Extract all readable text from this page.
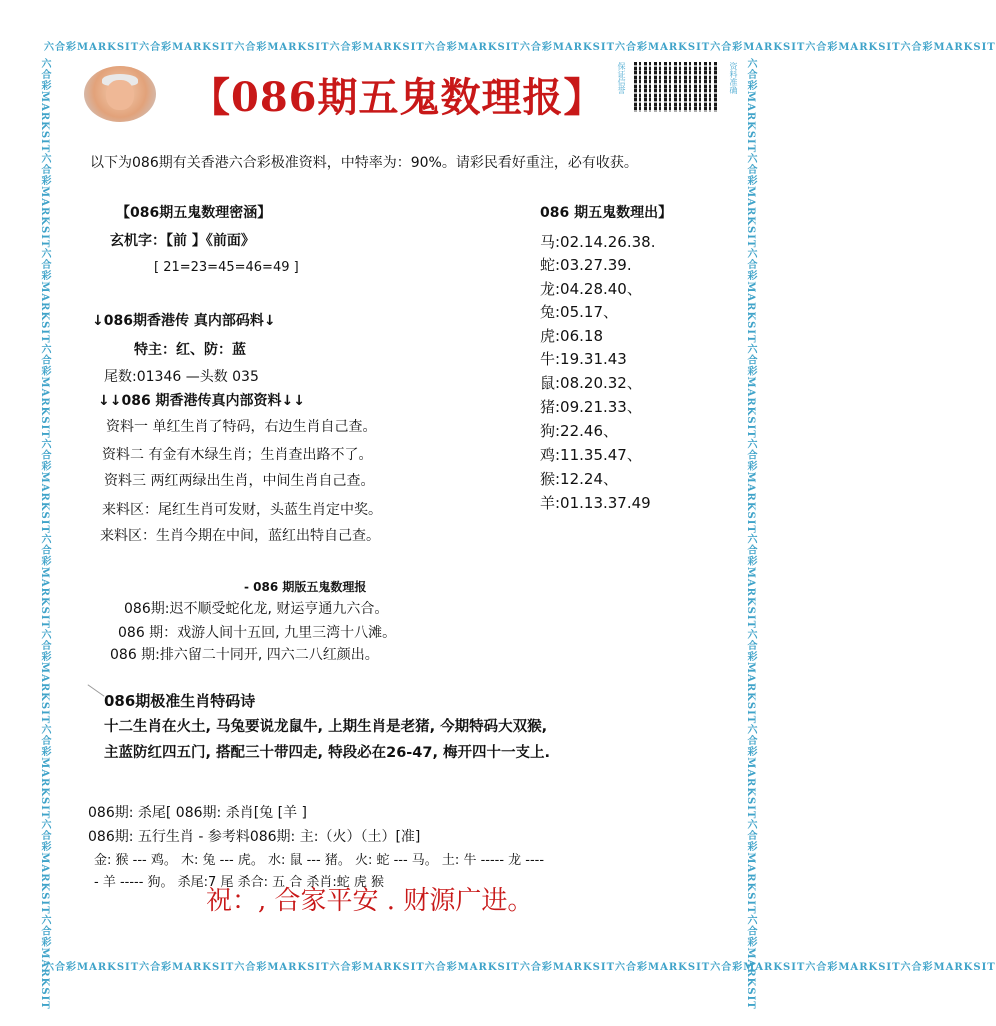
六合彩MARKSIT六合彩MARKSIT六合彩MARKSIT六合彩MARKSIT六合彩MARKSIT六合彩MARKSIT六合彩MARKSIT六合彩MARKSIT六合彩MARKSIT六合彩MARKSIT
六合彩MARKSIT六合彩MARKSIT六合彩MARKSIT六合彩MARKSIT六合彩MARKSIT六合彩MARKSIT六合彩MARKSIT六合彩MARKSIT六合彩MARKSIT六合彩MARKSIT
六合彩MARKSIT六合彩MARKSIT六合彩MARKSIT六合彩MARKSIT六合彩MARKSIT六合彩MARKSIT六合彩MARKSIT六合彩MARKSIT六合彩MARKSIT六合彩MARKSIT	六合彩MARKSIT六合彩MARKSIT六合彩MARKSIT六合彩MARKSIT六合彩MARKSIT六合彩MARKSIT六合彩MARKSIT六合彩MARKSIT六合彩MARKSIT六合彩MARKSIT
【086期五鬼数理报】	保证信誉	资料准确
以下为086期有关香港六合彩极准资料，中特率为：90%。请彩民看好重注，必有收获。
【086期五鬼数理密涵】
玄机字：【前 】《前面》
[ 21=23=45=46=49 ]
↓086期香港传 真内部码料↓
特主：红、防：蓝
尾数:01346 —头数 035
↓↓086 期香港传真内部资料↓↓
资料一 单红生肖了特码，右边生肖自己查。
资料二 有金有木绿生肖；生肖查出路不了。
资料三 两红两绿出生肖，中间生肖自己查。
来料区：尾红生肖可发财，头蓝生肖定中奖。
来料区：生肖今期在中间，蓝红出特自己查。
086 期五鬼数理出】
马:02.14.26.38.
蛇:03.27.39.
龙:04.28.40、
兔:05.17、
虎:06.18
牛:19.31.43
鼠:08.20.32、
猪:09.21.33、
狗:22.46、
鸡:11.35.47、
猴:12.24、
羊:01.13.37.49
- 086 期版五鬼数理报
086期:迟不顺受蛇化龙, 财运亨通九六合。
086 期：戏游人间十五回, 九里三湾十八滩。
086 期:排六留二十同开, 四六二八红颜出。
086期极准生肖特码诗
十二生肖在火土, 马兔要说龙鼠牛, 上期生肖是老猪, 今期特码大双猴,
主蓝防红四五门, 搭配三十带四走, 特段必在26-47, 梅开四十一支上.
086期: 杀尾[ 086期: 杀肖[兔 [羊 ]
086期: 五行生肖 - 参考料086期: 主:（火）（土）[准]
金: 猴 --- 鸡。 木: 兔 --- 虎。 水: 鼠 --- 猪。 火: 蛇 --- 马。 土: 牛 ----- 龙 ----
- 羊 ----- 狗。 杀尾:7 尾 杀合: 五 合 杀肖:蛇 虎 猴
祝：, 合家平安 . 财源广进。
